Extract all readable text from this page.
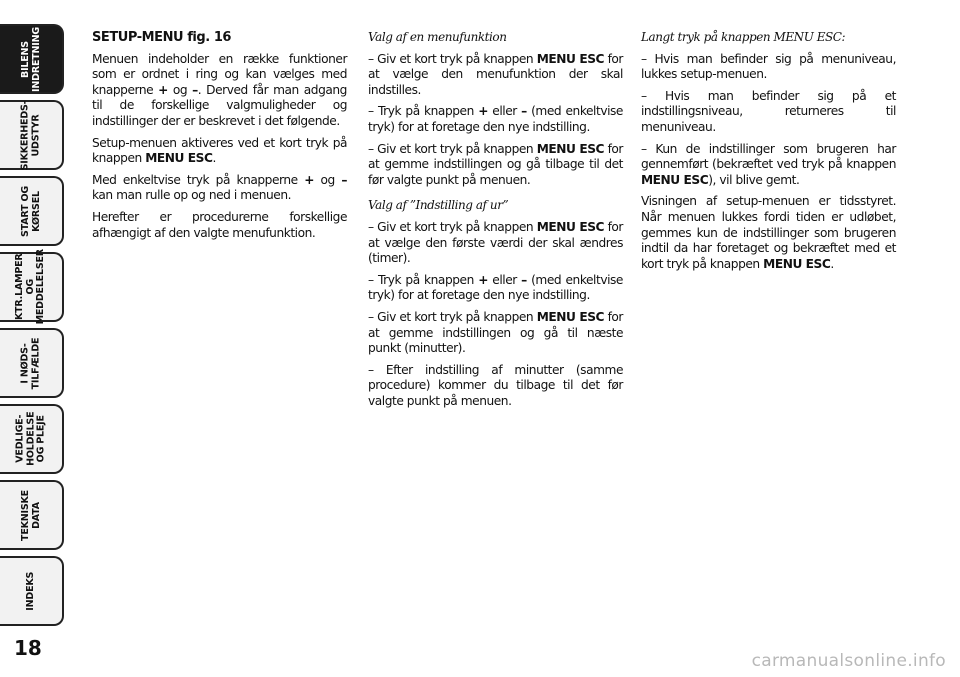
BILENS
INDRETNING
SIKKERHEDS-
UDSTYR
START OG
KØRSEL
KTR.LAMPER
OG
MEDDELELSER
I NØDS-
TILFÆLDE
VEDLIGE-
HOLDELSE
OG PLEJE
TEKNISKE
DATA
INDEKS
18

SETUP-MENU fig. 16

Menuen indeholder en række funktioner som er ordnet i ring og kan vælges med knapperne + og –. Derved får man adgang til de forskellige valgmuligheder og indstillinger der er beskrevet i det følgende.

Setup-menuen aktiveres ved et kort tryk på knappen MENU ESC.

Med enkeltvise tryk på knapperne + og – kan man rulle op og ned i menuen.

Herefter er procedurerne forskellige afhængigt af den valgte menufunktion.

Valg af en menufunktion

– Giv et kort tryk på knappen MENU ESC for at vælge den menufunktion der skal indstilles.

– Tryk på knappen + eller – (med enkeltvise tryk) for at foretage den nye indstilling.

– Giv et kort tryk på knappen MENU ESC for at gemme indstillingen og gå tilbage til det før valgte punkt på menuen.

Valg af ”Indstilling af ur”

– Giv et kort tryk på knappen MENU ESC for at vælge den første værdi der skal ændres (timer).

– Tryk på knappen + eller – (med enkeltvise tryk) for at foretage den nye indstilling.

– Giv et kort tryk på knappen MENU ESC for at gemme indstillingen og gå til næste punkt (minutter).

– Efter indstilling af minutter (samme procedure) kommer du tilbage til det før valgte punkt på menuen.

Langt tryk på knappen MENU ESC:

– Hvis man befinder sig på menuniveau, lukkes setup-menuen.

– Hvis man befinder sig på et indstillingsniveau, returneres til menuniveau.

– Kun de indstillinger som brugeren har gennemført (bekræftet ved tryk på knappen MENU ESC), vil blive gemt.

Visningen af setup-menuen er tidsstyret. Når menuen lukkes fordi tiden er udløbet, gemmes kun de indstillinger som brugeren indtil da har foretaget og bekræftet med et kort tryk på knappen MENU ESC.

carmanualsonline.info
